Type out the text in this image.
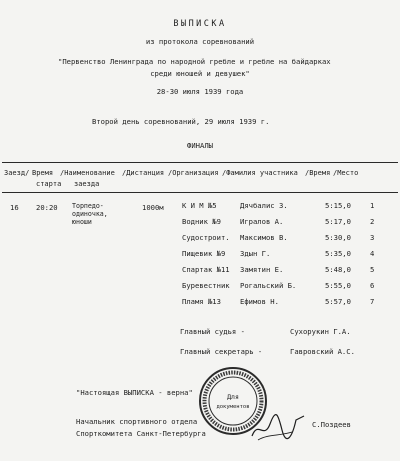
ВЫПИСКА
из протокола соревнований
"Первенство Ленинграда по народной гребле и гребле на байдарках
среди юношей и девушек"
28-30 июля 1939 года
Второй день соревнований, 29 июля 1939 г.
ФИНАЛЫ
Заезд/ Время
старта
/Наименование
заезда
/Дистанция /Организация /Фамилия участника /Время /Место
16 20:20 Торпедо-
одиночка,
юноши
1000м	К И М №5	Дячбалис З.	5:15,0	1
Водник №9	Игралов А.	5:17,0	2
Судостроит. Максимов В.	5:30,0	3
Пищевик №9 Здын Г.	5:35,0	4
Спартак №11 Замятин Е.	5:48,0	5
Буревестник Рогальский Б.	5:55,0	6
Пламя №13	Ефимов Н.	5:57,0	7
Главный судья -	Сухорукин Г.А.
Главный секретарь -	Гавровский А.С.
"Настоящая ВЫПИСКА - верна"
Начальник спортивного отдела
Спорткомитета Санкт-Петербурга
С.Поздеев
Для
документов
